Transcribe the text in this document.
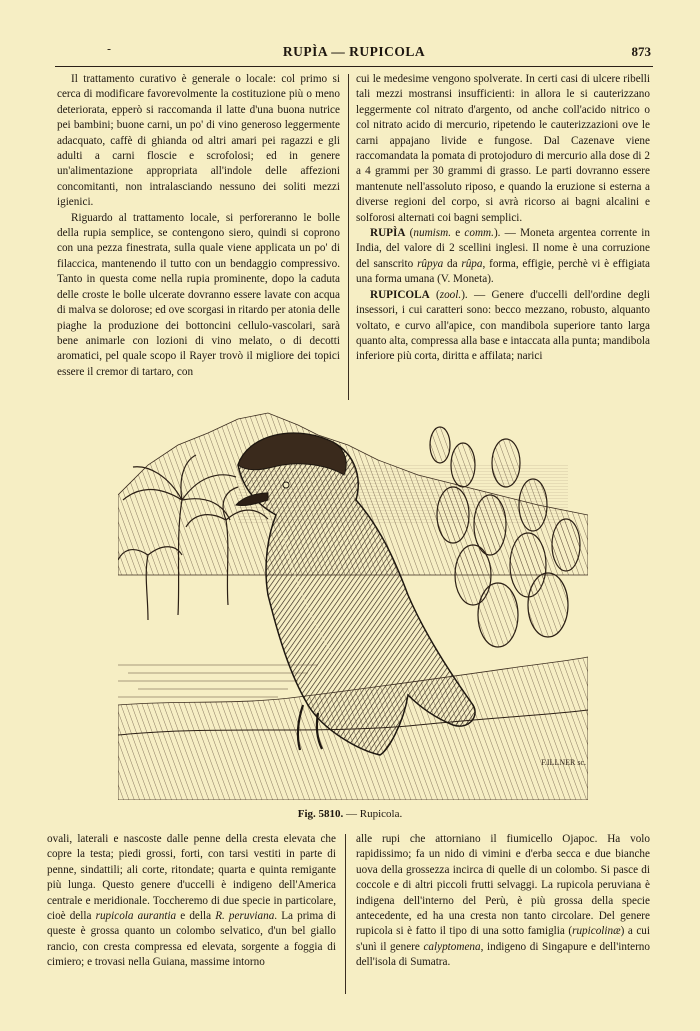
-	RUPÌA — RUPICOLA	873

Il trattamento curativo è generale o locale: col primo si cerca di modificare favorevolmente la costituzione più o meno deteriorata, epperò si raccomanda il latte d'una buona nutrice pei bambini; buone carni, un po' di vino generoso leggermente adacquato, caffè di ghianda od altri amari pei ragazzi e gli adulti a carni floscie e scrofolosi; ed in genere un'alimentazione appropriata all'indole delle affezioni concomitanti, non intralasciando nessuno dei soliti mezzi igienici.

Riguardo al trattamento locale, si perforeranno le bolle della rupia semplice, se contengono siero, quindi si coprono con una pezza finestrata, sulla quale viene applicata un po' di filaccica, mantenendo il tutto con un bendaggio compressivo. Tanto in questa come nella rupia prominente, dopo la caduta delle croste le bolle ulcerate dovranno essere lavate con acqua di malva se dolorose; ed ove scorgasi in ritardo per atonia delle piaghe la produzione dei bottoncini cellulo-vascolari, sarà bene animarle con lozioni di vino melato, o di decotti aromatici, pel quale scopo il Rayer trovò il migliore dei topici essere il cremor di tartaro, con

cui le medesime vengono spolverate. In certi casi di ulcere ribelli tali mezzi mostransi insufficienti: in allora le si cauterizzano leggermente col nitrato d'argento, od anche coll'acido nitrico o col nitrato acido di mercurio, ripetendo le cauterizzazioni ove le carni appajano livide e fungose. Dal Cazenave viene raccomandata la pomata di protojoduro di mercurio alla dose di 2 a 4 grammi per 30 grammi di grasso. Le parti dovranno essere mantenute nell'assoluto riposo, e quando la eruzione si esterna a diverse regioni del corpo, si avrà ricorso ai bagni alcalini e solforosi alternati coi bagni semplici.

RUPÌA (numism. e comm.). — Moneta argentea corrente in India, del valore di 2 scellini inglesi. Il nome è una corruzione del sanscrito rûpya da rûpa, forma, effigie, perchè vi è effigiata una forma umana (V. Moneta).

RUPICOLA (zool.). — Genere d'uccelli dell'ordine degli insessori, i cui caratteri sono: becco mezzano, robusto, alquanto voltato, e curvo all'apice, con mandibola superiore tanto larga quanto alta, compressa alla base e intaccata alla punta; mandibola inferiore più corta, diritta e affilata; narici

F.ILLNER sc.
Fig. 5810. — Rupicola.

ovali, laterali e nascoste dalle penne della cresta elevata che copre la testa; piedi grossi, forti, con tarsi vestiti in parte di penne, sindattili; ali corte, ritondate; quarta e quinta remigante più lunga. Questo genere d'uccelli è indigeno dell'America centrale e meridionale. Toccheremo di due specie in particolare, cioè della rupicola aurantia e della R. peruviana. La prima di queste è grossa quanto un colombo selvatico, d'un bel giallo rancio, con cresta compressa ed elevata, sorgente a foggia di cimiero; e trovasi nella Guiana, massime intorno

alle rupi che attorniano il fiumicello Ojapoc. Ha volo rapidissimo; fa un nido di vimini e d'erba secca e due bianche uova della grossezza incirca di quelle di un colombo. Si pasce di coccole e di altri piccoli frutti selvaggi. La rupicola peruviana è indigena dell'interno del Perù, è più grossa della specie antecedente, ed ha una cresta non tanto circolare. Del genere rupicola si è fatto il tipo di una sotto famiglia (rupicolinæ) a cui s'unì il genere calyptomena, indigeno di Singapure e dell'interno dell'isola di Sumatra.
